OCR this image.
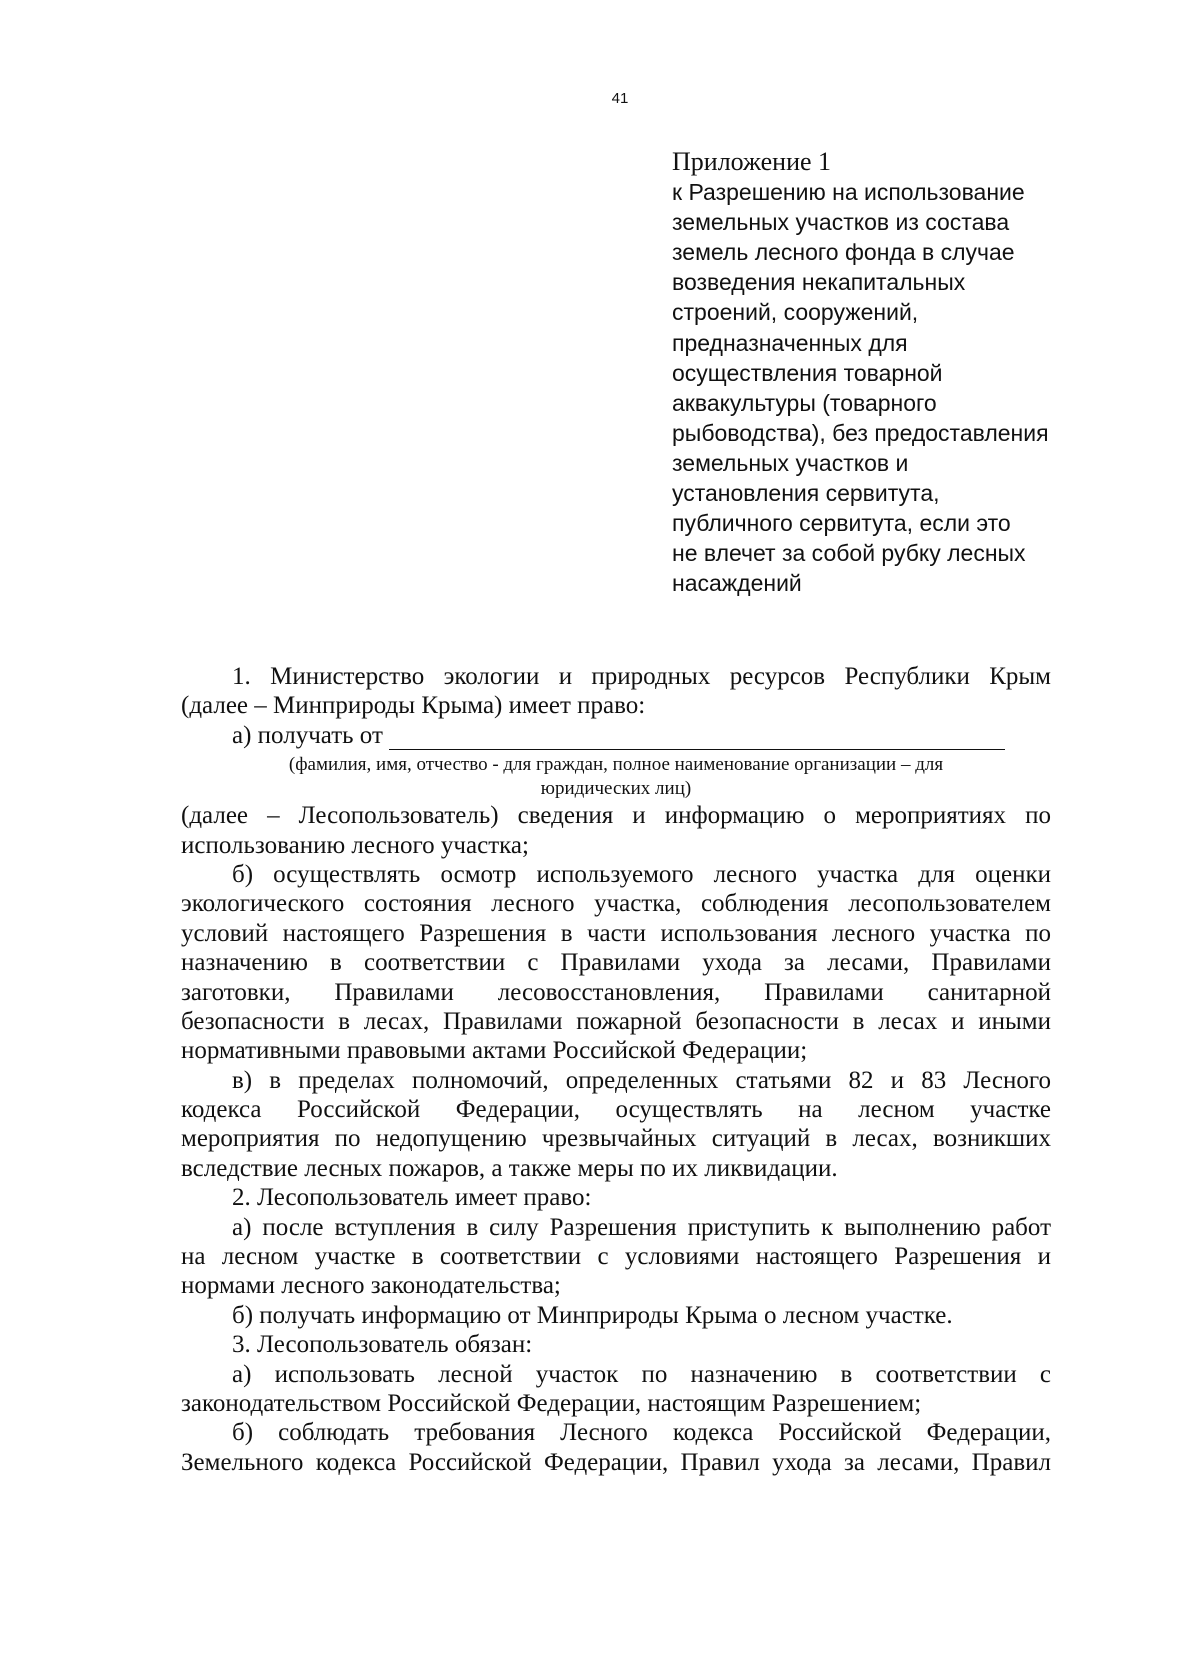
41
Приложение 1
к Разрешению на использование
земельных участков из состава
земель лесного фонда в случае
возведения некапитальных
строений, сооружений,
предназначенных для
осуществления товарной
аквакультуры (товарного
рыбоводства), без предоставления
земельных участков и
установления сервитута,
публичного сервитута, если это
не влечет за собой рубку лесных
насаждений
1. Министерство экологии и природных ресурсов Республики Крым
(далее – Минприроды Крыма) имеет право:
а) получать от
(фамилия, имя, отчество - для граждан, полное наименование организации – для
юридических лиц)
(далее – Лесопользователь) сведения и информацию о мероприятиях по
использованию лесного участка;
б) осуществлять осмотр используемого лесного участка для оценки
экологического состояния лесного участка, соблюдения лесопользователем
условий настоящего Разрешения в части использования лесного участка по
назначению в соответствии с Правилами ухода за лесами, Правилами
заготовки, Правилами лесовосстановления, Правилами санитарной
безопасности в лесах, Правилами пожарной безопасности в лесах и иными
нормативными правовыми актами Российской Федерации;
в) в пределах полномочий, определенных статьями 82 и 83 Лесного
кодекса Российской Федерации, осуществлять на лесном участке
мероприятия по недопущению чрезвычайных ситуаций в лесах, возникших
вследствие лесных пожаров, а также меры по их ликвидации.
2. Лесопользователь имеет право:
а) после вступления в силу Разрешения приступить к выполнению работ
на лесном участке в соответствии с условиями настоящего Разрешения и
нормами лесного законодательства;
б) получать информацию от Минприроды Крыма о лесном участке.
3. Лесопользователь обязан:
а) использовать лесной участок по назначению в соответствии с
законодательством Российской Федерации, настоящим Разрешением;
б) соблюдать требования Лесного кодекса Российской Федерации,
Земельного кодекса Российской Федерации, Правил ухода за лесами, Правил
